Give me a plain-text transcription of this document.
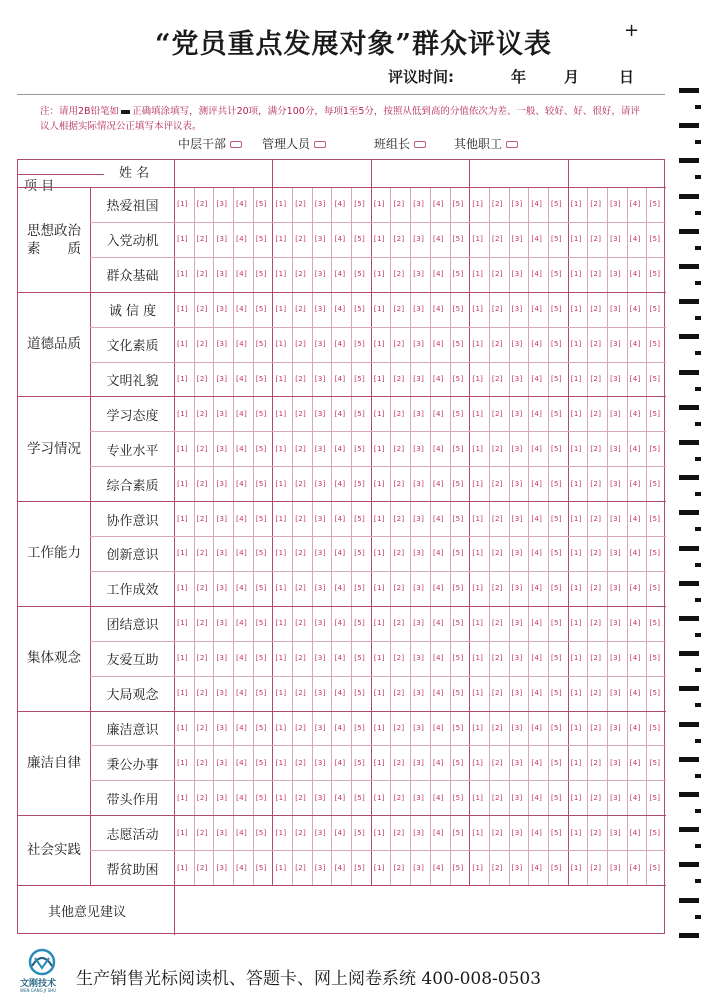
“党员重点发展对象”群众评议表	+
评议时间:	年	月	日
注：请用2B铅笔如 正确填涂填写，测评共计20项，满分100分，每项1至5分，按照从低到高的分值依次为差、一般、较好、好、很好，请评议人根据实际情况公正填写本评议表。
中层干部	管理人员	班组长	其他职工
姓 名
项 目
思想政治
素　　质
热爱祖国	[1] [2] [3] [4] [5] [1] [2] [3] [4] [5] [1] [2] [3] [4] [5] [1] [2] [3] [4] [5] [1] [2] [3] [4] [5]
入党动机	[1] [2] [3] [4] [5] [1] [2] [3] [4] [5] [1] [2] [3] [4] [5] [1] [2] [3] [4] [5] [1] [2] [3] [4] [5]
群众基础	[1] [2] [3] [4] [5] [1] [2] [3] [4] [5] [1] [2] [3] [4] [5] [1] [2] [3] [4] [5] [1] [2] [3] [4] [5]
道德品质
诚 信 度	[1] [2] [3] [4] [5] [1] [2] [3] [4] [5] [1] [2] [3] [4] [5] [1] [2] [3] [4] [5] [1] [2] [3] [4] [5]
文化素质	[1] [2] [3] [4] [5] [1] [2] [3] [4] [5] [1] [2] [3] [4] [5] [1] [2] [3] [4] [5] [1] [2] [3] [4] [5]
文明礼貌	[1] [2] [3] [4] [5] [1] [2] [3] [4] [5] [1] [2] [3] [4] [5] [1] [2] [3] [4] [5] [1] [2] [3] [4] [5]
学习情况
学习态度	[1] [2] [3] [4] [5] [1] [2] [3] [4] [5] [1] [2] [3] [4] [5] [1] [2] [3] [4] [5] [1] [2] [3] [4] [5]
专业水平	[1] [2] [3] [4] [5] [1] [2] [3] [4] [5] [1] [2] [3] [4] [5] [1] [2] [3] [4] [5] [1] [2] [3] [4] [5]
综合素质	[1] [2] [3] [4] [5] [1] [2] [3] [4] [5] [1] [2] [3] [4] [5] [1] [2] [3] [4] [5] [1] [2] [3] [4] [5]
工作能力
协作意识	[1] [2] [3] [4] [5] [1] [2] [3] [4] [5] [1] [2] [3] [4] [5] [1] [2] [3] [4] [5] [1] [2] [3] [4] [5]
创新意识	[1] [2] [3] [4] [5] [1] [2] [3] [4] [5] [1] [2] [3] [4] [5] [1] [2] [3] [4] [5] [1] [2] [3] [4] [5]
工作成效	[1] [2] [3] [4] [5] [1] [2] [3] [4] [5] [1] [2] [3] [4] [5] [1] [2] [3] [4] [5] [1] [2] [3] [4] [5]
集体观念
团结意识	[1] [2] [3] [4] [5] [1] [2] [3] [4] [5] [1] [2] [3] [4] [5] [1] [2] [3] [4] [5] [1] [2] [3] [4] [5]
友爱互助	[1] [2] [3] [4] [5] [1] [2] [3] [4] [5] [1] [2] [3] [4] [5] [1] [2] [3] [4] [5] [1] [2] [3] [4] [5]
大局观念	[1] [2] [3] [4] [5] [1] [2] [3] [4] [5] [1] [2] [3] [4] [5] [1] [2] [3] [4] [5] [1] [2] [3] [4] [5]
廉洁自律
廉洁意识	[1] [2] [3] [4] [5] [1] [2] [3] [4] [5] [1] [2] [3] [4] [5] [1] [2] [3] [4] [5] [1] [2] [3] [4] [5]
秉公办事	[1] [2] [3] [4] [5] [1] [2] [3] [4] [5] [1] [2] [3] [4] [5] [1] [2] [3] [4] [5] [1] [2] [3] [4] [5]
带头作用	[1] [2] [3] [4] [5] [1] [2] [3] [4] [5] [1] [2] [3] [4] [5] [1] [2] [3] [4] [5] [1] [2] [3] [4] [5]
社会实践
志愿活动	[1] [2] [3] [4] [5] [1] [2] [3] [4] [5] [1] [2] [3] [4] [5] [1] [2] [3] [4] [5] [1] [2] [3] [4] [5]
帮贫助困	[1] [2] [3] [4] [5] [1] [2] [3] [4] [5] [1] [2] [3] [4] [5] [1] [2] [3] [4] [5] [1] [2] [3] [4] [5]
其他意见建议
文刚技术
WEN GANG JI SHU
生产销售光标阅读机、答题卡、网上阅卷系统 400-008-0503
